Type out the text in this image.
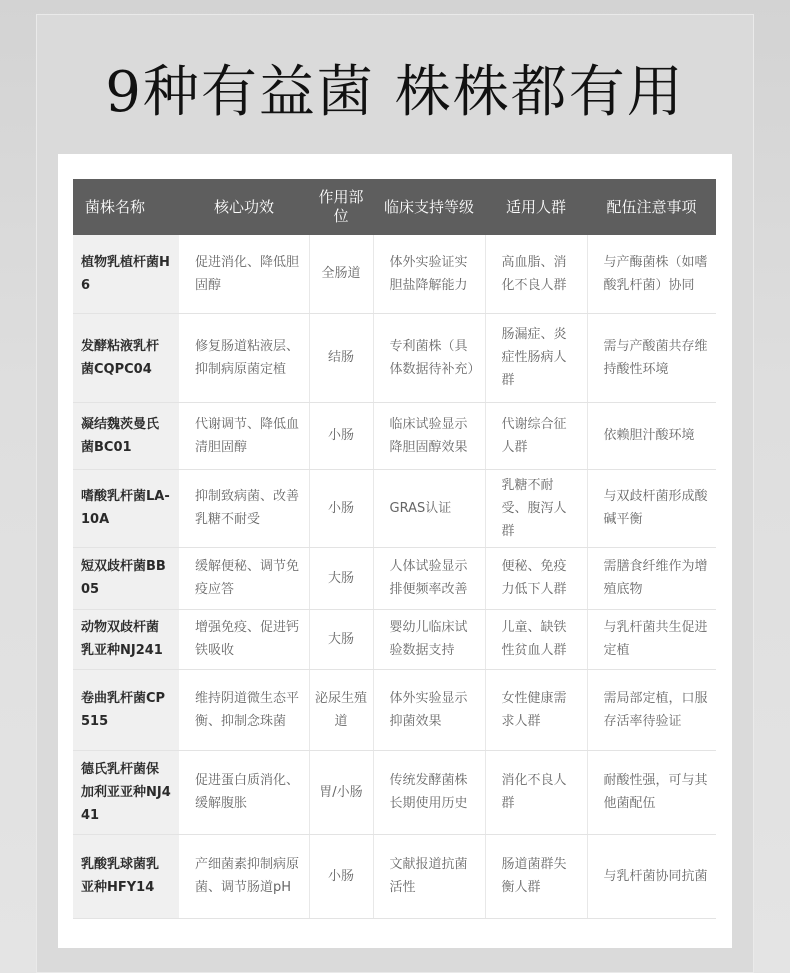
9种有益菌 株株都有用
菌株名称	核心功效	作用部位	临床支持等级	适用人群	配伍注意事项
植物乳植杆菌H6	促进消化、降低胆固醇	全肠道	体外实验证实胆盐降解能力	高血脂、消化不良人群	与产酶菌株（如嗜酸乳杆菌）协同
发酵粘液乳杆菌CQPC04	修复肠道粘液层、抑制病原菌定植	结肠	专利菌株（具体数据待补充）	肠漏症、炎症性肠病人群	需与产酸菌共存维持酸性环境
凝结魏茨曼氏菌BC01	代谢调节、降低血清胆固醇	小肠	临床试验显示降胆固醇效果	代谢综合征人群	依赖胆汁酸环境
嗜酸乳杆菌LA-10A	抑制致病菌、改善乳糖不耐受	小肠	GRAS认证	乳糖不耐受、腹泻人群	与双歧杆菌形成酸碱平衡
短双歧杆菌BB05	缓解便秘、调节免疫应答	大肠	人体试验显示排便频率改善	便秘、免疫力低下人群	需膳食纤维作为增殖底物
动物双歧杆菌乳亚种NJ241	增强免疫、促进钙铁吸收	大肠	婴幼儿临床试验数据支持	儿童、缺铁性贫血人群	与乳杆菌共生促进定植
卷曲乳杆菌CP515	维持阴道微生态平衡、抑制念珠菌	泌尿生殖道	体外实验显示抑菌效果	女性健康需求人群	需局部定植，口服存活率待验证
德氏乳杆菌保加利亚亚种NJ441	促进蛋白质消化、缓解腹胀	胃/小肠	传统发酵菌株长期使用历史	消化不良人群	耐酸性强，可与其他菌配伍
乳酸乳球菌乳亚种HFY14	产细菌素抑制病原菌、调节肠道pH	小肠	文献报道抗菌活性	肠道菌群失衡人群	与乳杆菌协同抗菌
